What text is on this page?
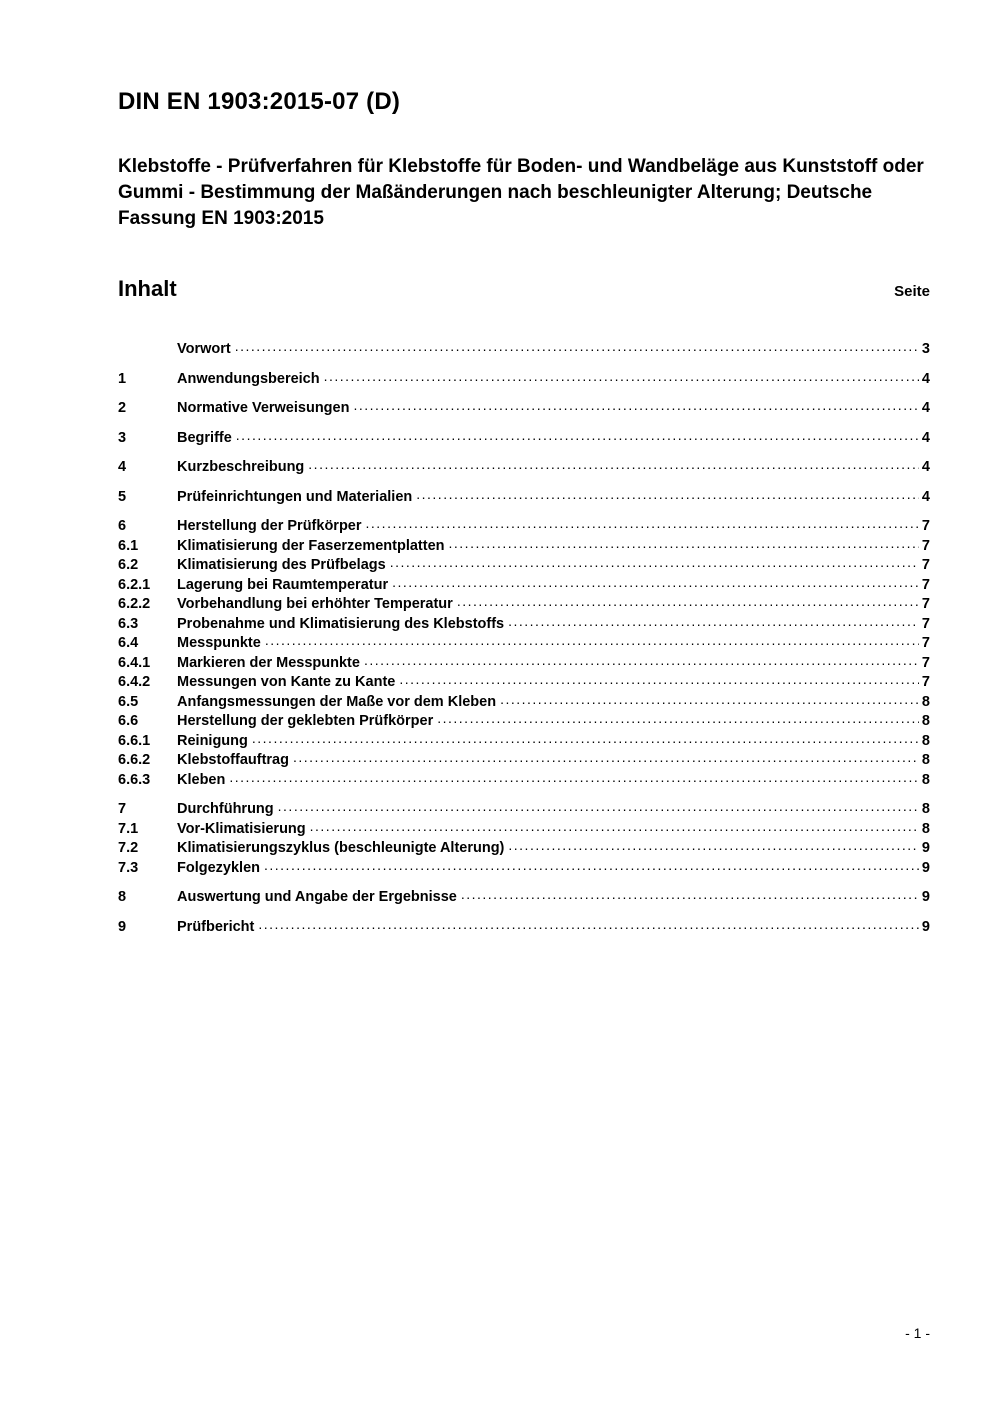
DIN EN 1903:2015-07 (D)
Klebstoffe - Prüfverfahren für Klebstoffe für Boden- und Wandbeläge aus Kunststoff oder Gummi - Bestimmung der Maßänderungen nach beschleunigter Alterung; Deutsche Fassung EN 1903:2015
Inhalt	Seite
Vorwort .....	3
1	Anwendungsbereich .....	4
2	Normative Verweisungen .....	4
3	Begriffe .....	4
4	Kurzbeschreibung .....	4
5	Prüfeinrichtungen und Materialien .....	4
6	Herstellung der Prüfkörper .....	7
6.1	Klimatisierung der Faserzementplatten .....	7
6.2	Klimatisierung des Prüfbelags .....	7
6.2.1	Lagerung bei Raumtemperatur .....	7
6.2.2	Vorbehandlung bei erhöhter Temperatur .....	7
6.3	Probenahme und Klimatisierung des Klebstoffs .....	7
6.4	Messpunkte .....	7
6.4.1	Markieren der Messpunkte .....	7
6.4.2	Messungen von Kante zu Kante .....	7
6.5	Anfangsmessungen der Maße vor dem Kleben .....	8
6.6	Herstellung der geklebten Prüfkörper .....	8
6.6.1	Reinigung .....	8
6.6.2	Klebstoffauftrag .....	8
6.6.3	Kleben .....	8
7	Durchführung .....	8
7.1	Vor-Klimatisierung .....	8
7.2	Klimatisierungszyklus (beschleunigte Alterung) .....	9
7.3	Folgezyklen .....	9
8	Auswertung und Angabe der Ergebnisse .....	9
9	Prüfbericht .....	9
- 1 -
